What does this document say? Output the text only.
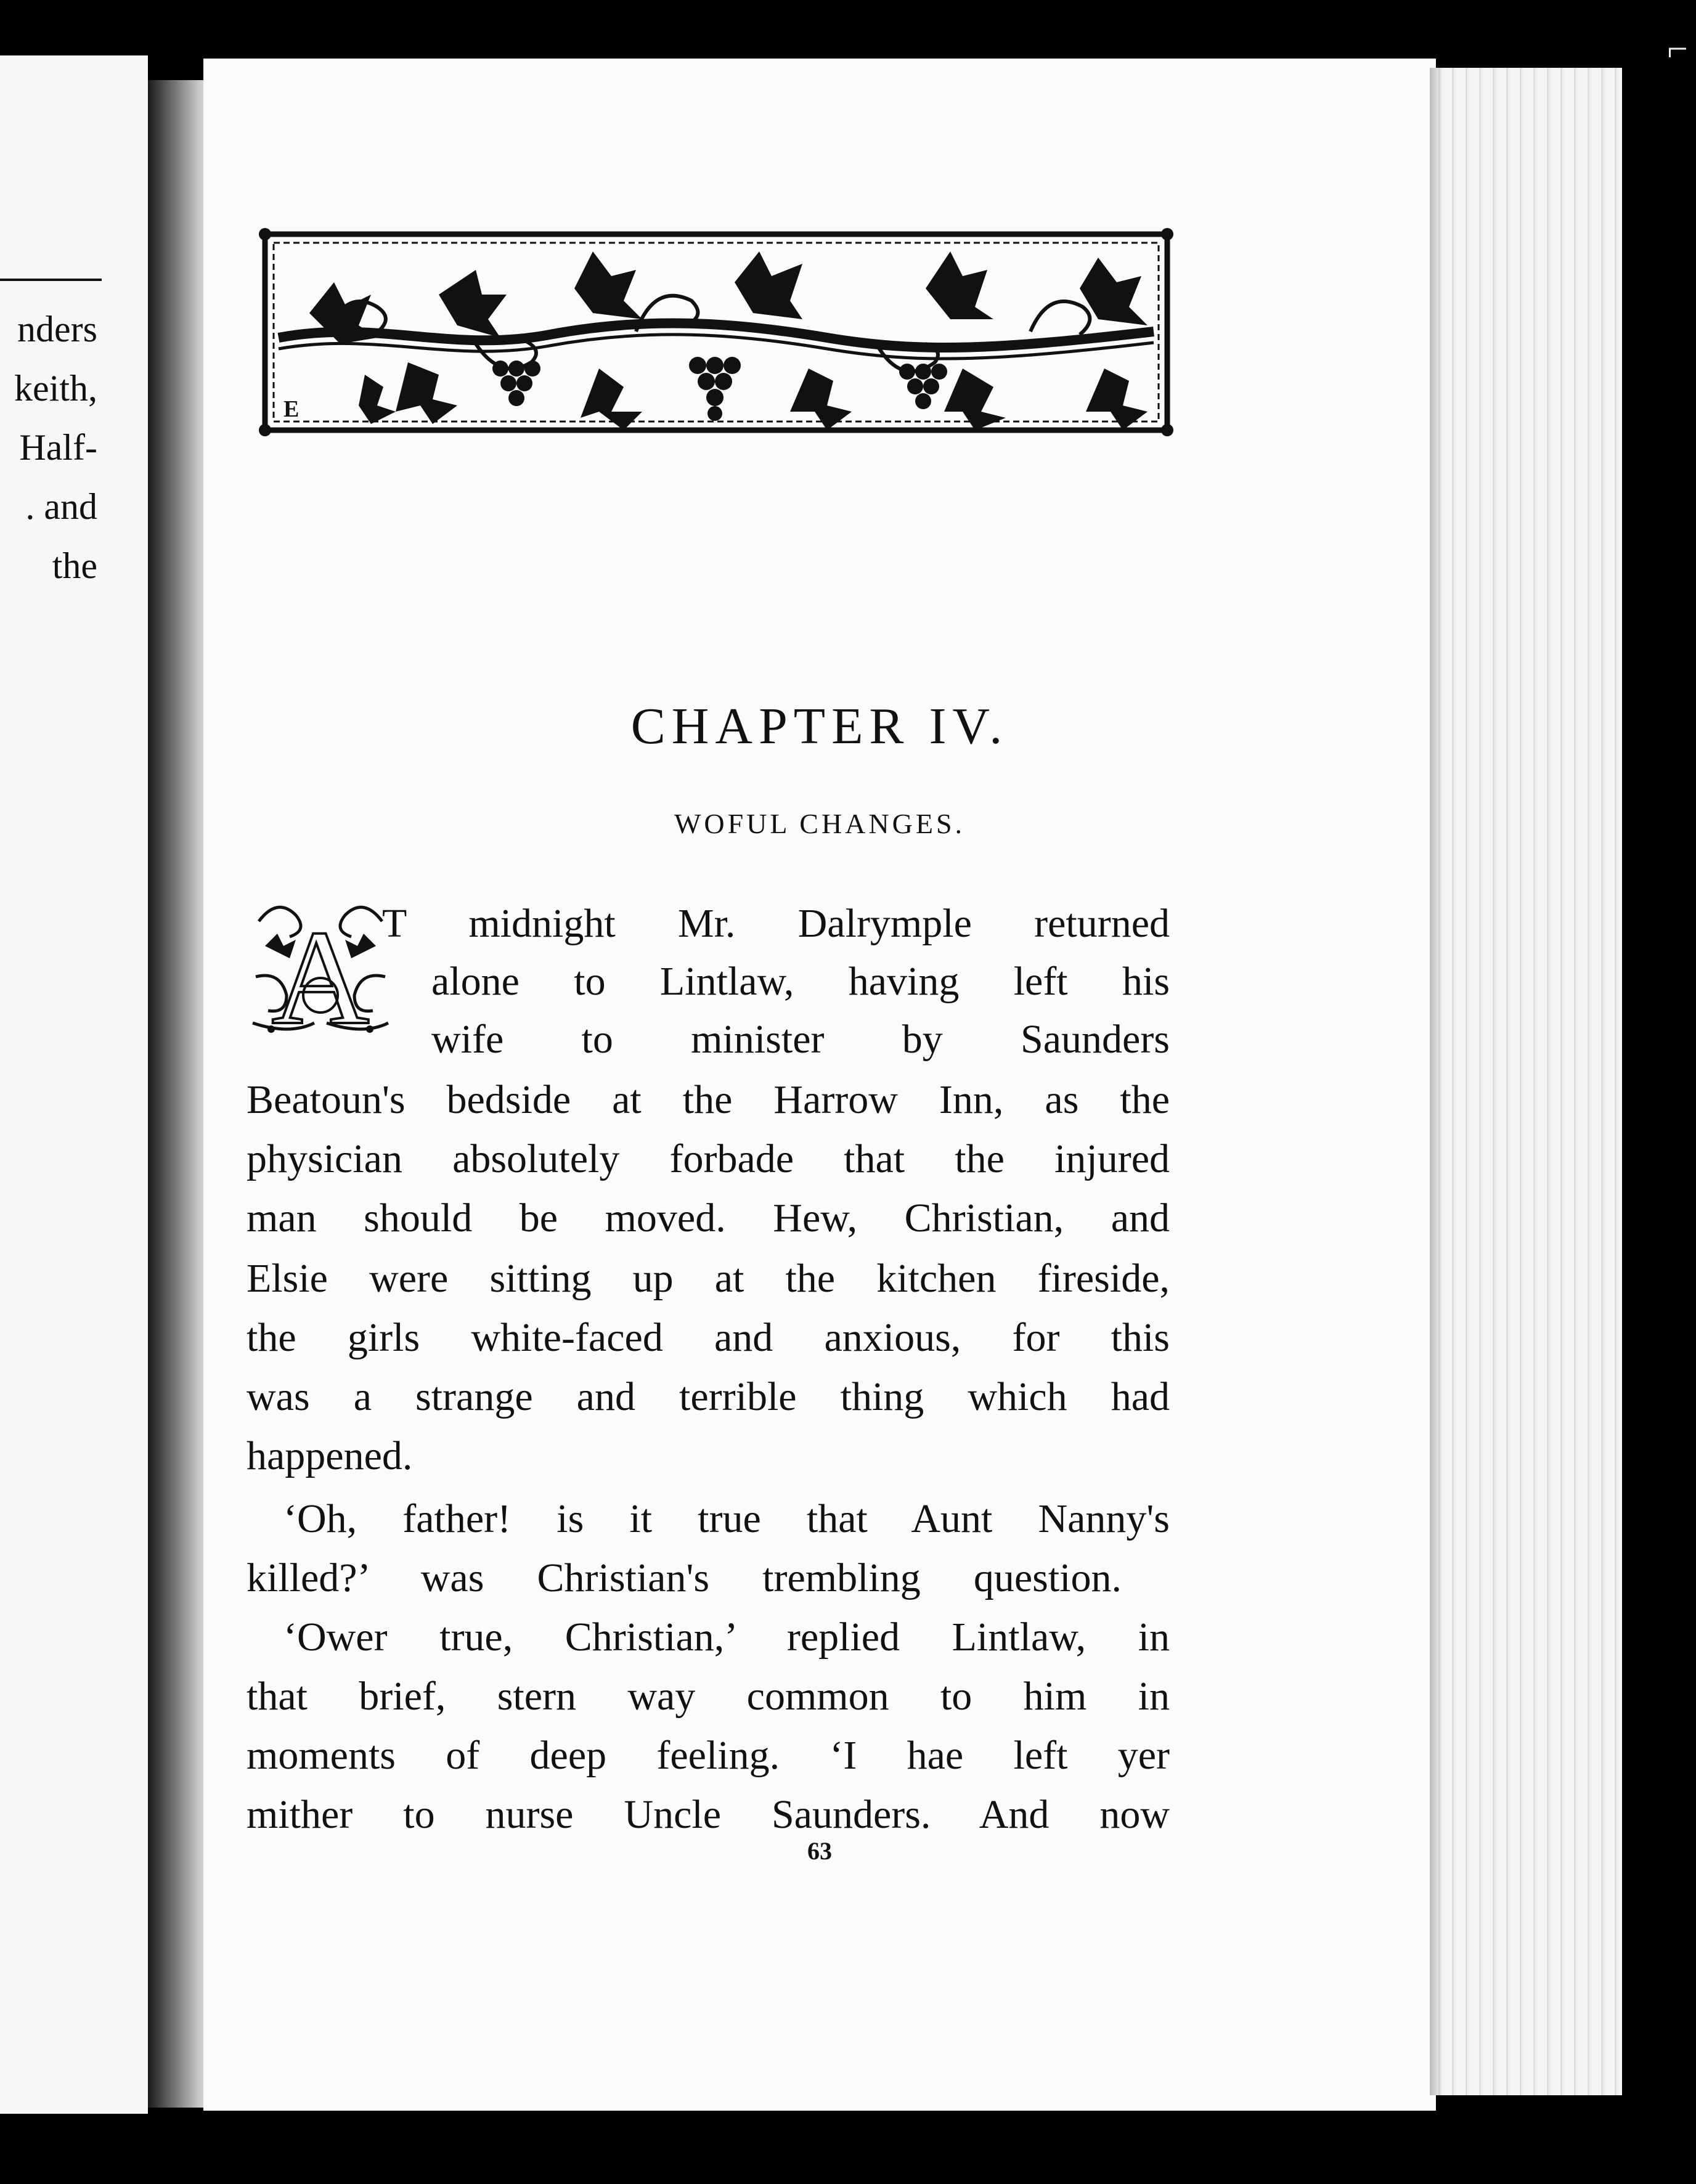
nders
keith,
Half-
. and
the
⌐
E
CHAPTER IV.
WOFUL CHANGES.
A T midnight Mr. Dalrymple returned
alone to Lintlaw, having left his
wife to minister by Saunders
Beatoun's bedside at the Harrow Inn, as the
physician absolutely forbade that the injured
man should be moved. Hew, Christian, and
Elsie were sitting up at the kitchen fireside,
the girls white-faced and anxious, for this
was a strange and terrible thing which had
happened.
‘Oh, father! is it true that Aunt Nanny's
killed?’ was Christian's trembling question.
‘Ower true, Christian,’ replied Lintlaw, in
that brief, stern way common to him in
moments of deep feeling. ‘I hae left yer
mither to nurse Uncle Saunders. And now
63
